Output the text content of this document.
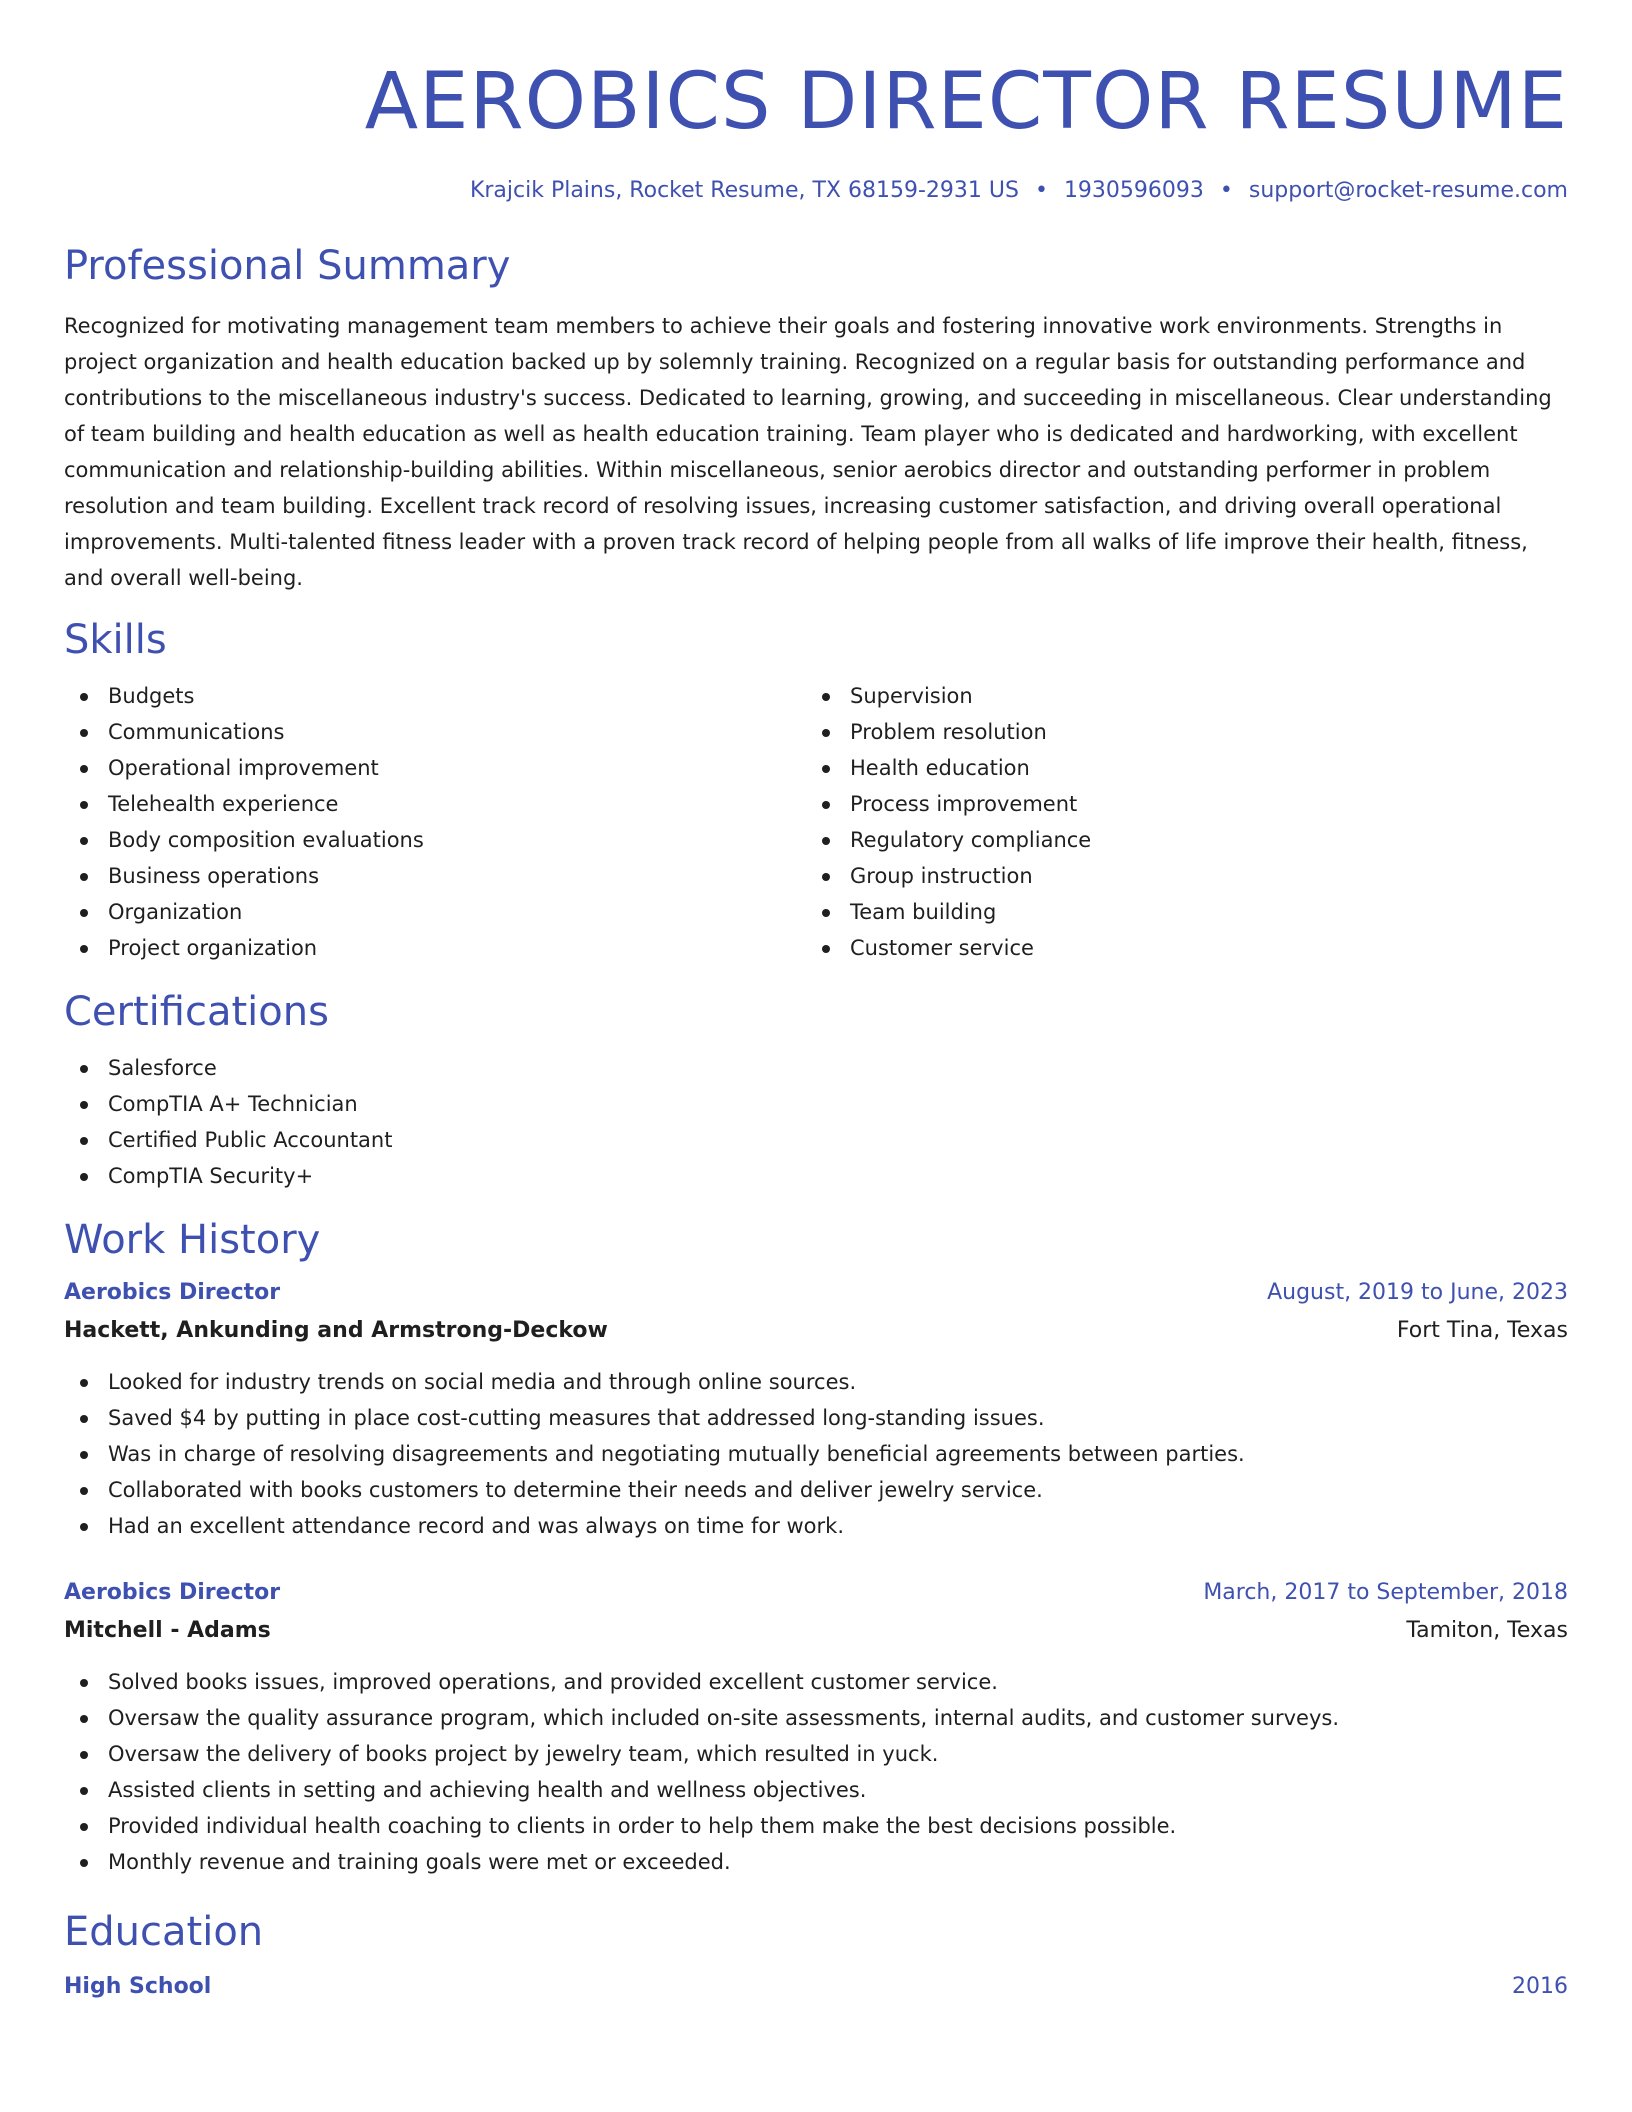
AEROBICS DIRECTOR RESUME
Krajcik Plains, Rocket Resume, TX 68159-2931 US • 1930596093 • support@rocket-resume.com
Professional Summary
Recognized for motivating management team members to achieve their goals and fostering innovative work environments. Strengths in project organization and health education backed up by solemnly training. Recognized on a regular basis for outstanding performance and contributions to the miscellaneous industry's success. Dedicated to learning, growing, and succeeding in miscellaneous. Clear understanding of team building and health education as well as health education training. Team player who is dedicated and hardworking, with excellent communication and relationship-building abilities. Within miscellaneous, senior aerobics director and outstanding performer in problem resolution and team building. Excellent track record of resolving issues, increasing customer satisfaction, and driving overall operational improvements. Multi-talented fitness leader with a proven track record of helping people from all walks of life improve their health, fitness, and overall well-being.
Skills
Budgets
Communications
Operational improvement
Telehealth experience
Body composition evaluations
Business operations
Organization
Project organization
Supervision
Problem resolution
Health education
Process improvement
Regulatory compliance
Group instruction
Team building
Customer service
Certifications
Salesforce
CompTIA A+ Technician
Certified Public Accountant
CompTIA Security+
Work History
Aerobics Director	August, 2019 to June, 2023
Hackett, Ankunding and Armstrong-Deckow	Fort Tina, Texas
Looked for industry trends on social media and through online sources.
Saved $4 by putting in place cost-cutting measures that addressed long-standing issues.
Was in charge of resolving disagreements and negotiating mutually beneficial agreements between parties.
Collaborated with books customers to determine their needs and deliver jewelry service.
Had an excellent attendance record and was always on time for work.
Aerobics Director	March, 2017 to September, 2018
Mitchell - Adams	Tamiton, Texas
Solved books issues, improved operations, and provided excellent customer service.
Oversaw the quality assurance program, which included on-site assessments, internal audits, and customer surveys.
Oversaw the delivery of books project by jewelry team, which resulted in yuck.
Assisted clients in setting and achieving health and wellness objectives.
Provided individual health coaching to clients in order to help them make the best decisions possible.
Monthly revenue and training goals were met or exceeded.
Education
High School	2016
